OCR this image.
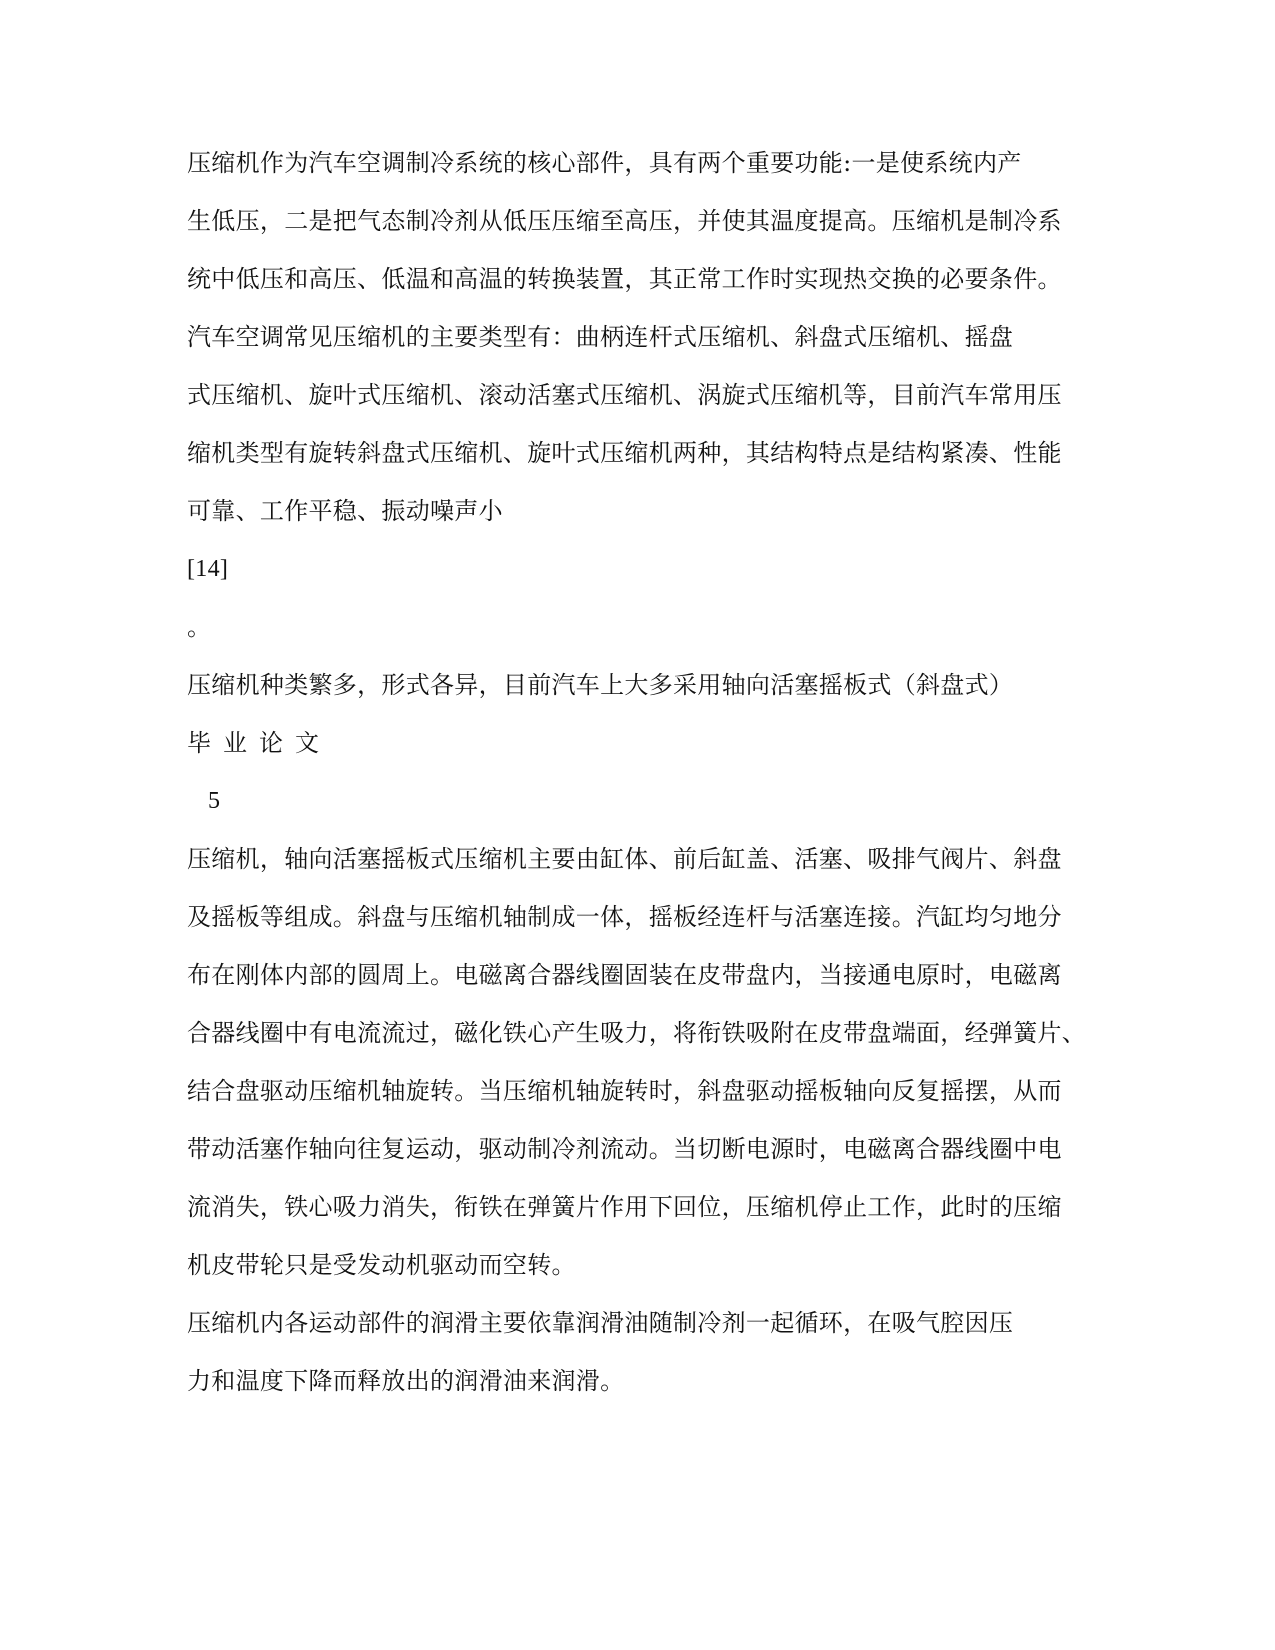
压缩机作为汽车空调制冷系统的核心部件，具有两个重要功能:一是使系统内产
生低压，二是把气态制冷剂从低压压缩至高压，并使其温度提高。压缩机是制冷系
统中低压和高压、低温和高温的转换装置，其正常工作时实现热交换的必要条件。
汽车空调常见压缩机的主要类型有：曲柄连杆式压缩机、斜盘式压缩机、摇盘
式压缩机、旋叶式压缩机、滚动活塞式压缩机、涡旋式压缩机等，目前汽车常用压
缩机类型有旋转斜盘式压缩机、旋叶式压缩机两种，其结构特点是结构紧凑、性能
可靠、工作平稳、振动噪声小
[14]
。
压缩机种类繁多，形式各异，目前汽车上大多采用轴向活塞摇板式（斜盘式）
毕业论文
5
压缩机，轴向活塞摇板式压缩机主要由缸体、前后缸盖、活塞、吸排气阀片、斜盘
及摇板等组成。斜盘与压缩机轴制成一体，摇板经连杆与活塞连接。汽缸均匀地分
布在刚体内部的圆周上。电磁离合器线圈固装在皮带盘内，当接通电原时，电磁离
合器线圈中有电流流过，磁化铁心产生吸力，将衔铁吸附在皮带盘端面，经弹簧片、
结合盘驱动压缩机轴旋转。当压缩机轴旋转时，斜盘驱动摇板轴向反复摇摆，从而
带动活塞作轴向往复运动，驱动制冷剂流动。当切断电源时，电磁离合器线圈中电
流消失，铁心吸力消失，衔铁在弹簧片作用下回位，压缩机停止工作，此时的压缩
机皮带轮只是受发动机驱动而空转。
压缩机内各运动部件的润滑主要依靠润滑油随制冷剂一起循环，在吸气腔因压
力和温度下降而释放出的润滑油来润滑。
